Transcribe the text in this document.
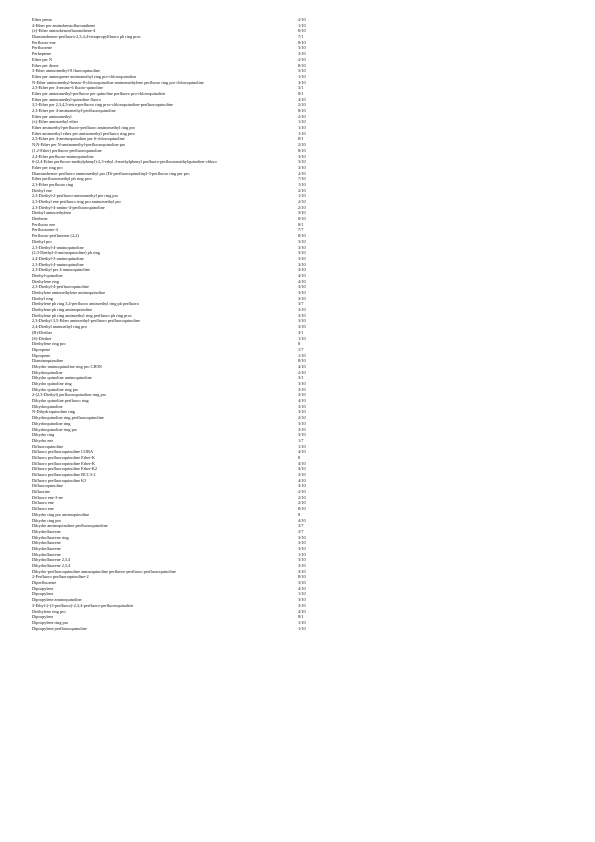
Ether penta	2/10
4-Ether per aminobenzofluoranthene	1/10
(±)-Ether aminobenzofluoranthene-4	8/10
Diaminobenzo-perfluoro-2,3,4,4-tetrapropylfluoro ph ring proc	7/1
Perfluoro-ene	8/10
Perfluorene	3/10
Perheptene	3/10
Ether per N	2/10
Ether per dione	8/10
3-Ether aminomethyl-8 fluoroquinoline	3/10
Ether per aminoprene aminomethyl ring pro-chloroquinoline	1/10
N-Ether aminomethyl-benzo-8-chloroquinoline aminomethylene perfluoro ring pro-chloroquinoline	3/10
2,3-Ether per 4-amino-6 fluoro-quinoline	3/1
Ether per aminomethyl-perfluoro per quinoline perfluoro pro-chloroquinoline	8/1
Ether per aminomethyl-quinoline fluoro	4/10
3,5-Ether per 2,3,4,5-tetra-perfluoro ring proc-chloroquinoline-perfluoroquinoline	2/10
2,3-Ether per 4-aminomethyl-perfluoroquinoline	8/10
Ether per aminomethyl	2/10
(±)-Ether aminoethyl ether	1/10
Ether aminoethyl-perfluoro-perfluoro aminomethyl ring pro	1/10
Ether aminoethyl ether per aminomethyl perfluoro ring proc	1/10
2,3-Ether per 4-aminoquinoline per 6-chloroquinoline	8/1
N,N-Ether per N-aminomethyl-perfluoroquinoline pro	2/10
(1,2-Ether) perfluoro-perfluoroquinoline	8/10
2,4-Ether perfluoro-aminoquinoline	3/10
6-(2,4-Ether perfluoro-methylphenyl)-2,3-ethyl 4-methylphenyl perfluoro-perfluoromethylquinoline-chloro	3/10
Ether per ring pro	3/10
Diaminobenzo-perfluoro aminomethyl pro (Di-perfluoroquinolinyl-3-perfluoro ring per pro	2/10
Ether perfluoromethyl ph ring proc	7/10
2,3-Ether perfluoro ring	1/10
Diethyl ene	2/10
2,3-Diethyl-2-perfluoro-aminomethyl per ring pro	1/10
2,3-Diethyl ene perfluoro ring pro aminomethyl per	2/10
2,3-Diethyl-4-amino-4-perfluoroquinoline	2/10
Diethyl aminoethylene	3/10
Diethene	8/10
Perfluoro ene	8/1
Perfluoroene-4	7/7
Perfluoro-perfluorene (2,2)	8/10
Diethyl pro	3/10
2,3-Diethyl-4-aminoquinoline	3/10
(2,3-Diethyl-4-aminoquinoline) ph ring	3/10
2,4-Diethyl-3-aminoquinoline	3/10
2,3-Diethyl-4-aminoquinoline	3/10
2,3-Diethyl per 4-aminoquinoline	3/10
Diethyl-quinoline	4/10
Diethylene ring	4/10
2,3-Diethyl-4-perfluoroquinoline	3/10
Diethylene aminoethylene aminoquinoline	3/10
Diethyl ring	3/10
Diethylene ph ring 3,4-perfluoro aminoethyl ring ph perfluoro	3/7
Diethylene ph ring aminoquinoline	3/10
Diethylene ph ring aminoethyl ring perfluoro ph ring proc	3/10
2,3-Diethyl 3,5-Ether aminoethyl-perfluoro perfluoroquinoline	3/10
2,4-Diethyl aminoethyl ring pro	3/10
(R)-Diether	3/1
(S)-Diether	1/10
Diethylene ring pro	8
Dipropene	1/7
Dipropene	1/10
Diaminoquinoline	8/10
Dihydro-aminoquinoline ring pro CH3N	4/10
Dihydroquinoline	2/10
Dihydro quinoline aminoquinoline	3/1
Dihydro quinoline ring	3/10
Dihydro quinoline ring pro	3/10
2-(2,3-Diethyl) perfluoroquinoline ring pro	3/10
Dihydro quinoline perfluoro ring	4/10
Dihydroquinoline	3/10
N-Dihydroquinoline ring	3/10
Dihydroquinoline ring perfluoroquinoline	2/10
Dihydroquinoline ring	3/10
Dihydroquinoline ring pro	3/10
Dihydro ring	3/10
Dihydro ene	1/7
Difluoroquinoline	1/10
Difluoro perfluoroquinoline CORA	4/10
Difluoro perfluoroquinoline Ether-K	8
Difluoro perfluoroquinoline Ether-K	4/10
Difluoro perfluoroquinoline Ether-K2	4/10
Difluoro perfluoroquinoline BCC3-2	3/10
Difluoro perfluoroquinoline K3	4/10
Difluoroquinoline	3/10
Difluorine	2/10
Difluoro ene-3-ne	2/10
Difluoro ene	2/10
Difluoro ene	8/10
Dihydro ring pro aminoquinoline	8
Dihydro ring pro	4/10
Dihydro aminoquinoline perfluoroquinoline	3/7
Dihydrofluorene	3/7
Dihydrofluorene ring	3/10
Dihydrofluorene	3/10
Dihydrofluorene	3/10
Dihydrofluorene	1/10
Dihydrofluorene 2,3,4	3/10
Dihydrofluorene 2,3,4	3/10
Dihydro-perfluoroquinoline aminoquinoline perfluoro-perfluoro perfluoroquinoline	3/10
2-Perfluoro perfluoroquinoline-2	8/10
Diperfluorene	3/10
Dipropylene	4/10
Dipropylene	1/10
Dipropylene aminoquinoline	3/10
3-Ethyl-2-(3-perfluoro)-2,3,4-perfluoro-perfluoroquinoline	3/10
Diethylene ring pro	4/10
Dipropylene	8/1
Dipropylene ring pro	1/10
Dipropylene perfluoroquinoline	1/10
